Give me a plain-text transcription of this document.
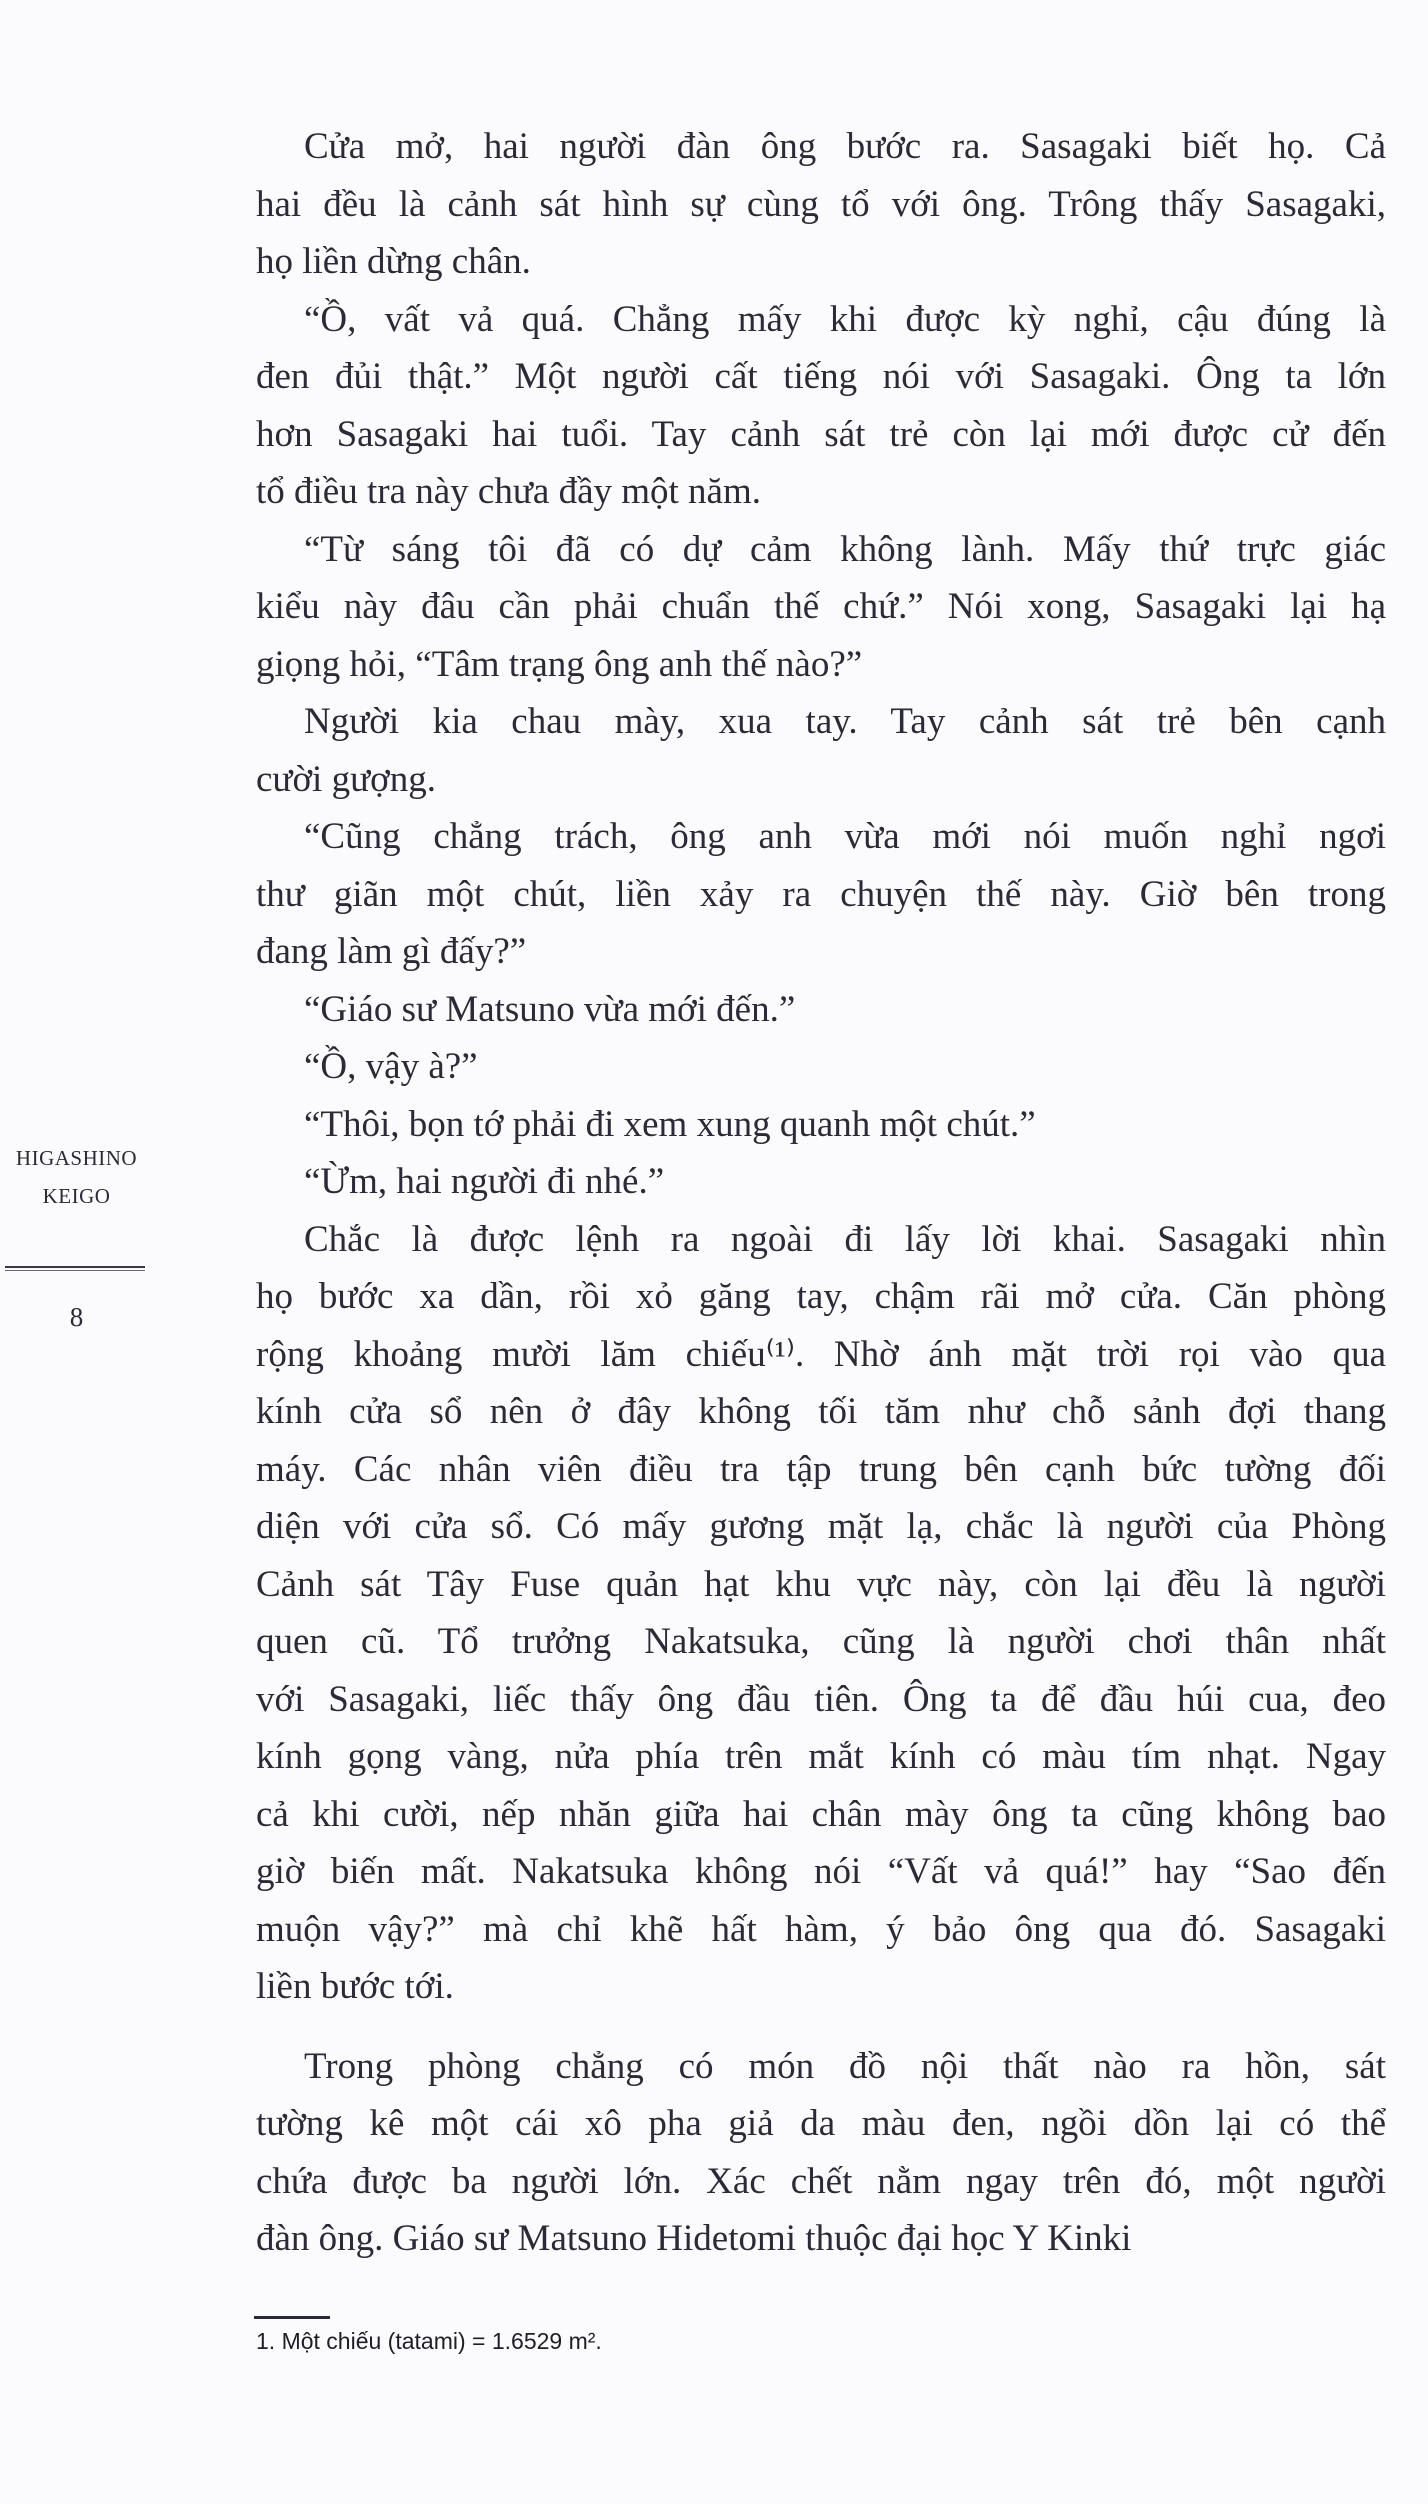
HIGASHINO
KEIGO
8
Cửa mở, hai người đàn ông bước ra. Sasagaki biết họ. Cả
hai đều là cảnh sát hình sự cùng tổ với ông. Trông thấy Sasagaki,
họ liền dừng chân.
“Ồ, vất vả quá. Chẳng mấy khi được kỳ nghỉ, cậu đúng là
đen đủi thật.” Một người cất tiếng nói với Sasagaki. Ông ta lớn
hơn Sasagaki hai tuổi. Tay cảnh sát trẻ còn lại mới được cử đến
tổ điều tra này chưa đầy một năm.
“Từ sáng tôi đã có dự cảm không lành. Mấy thứ trực giác
kiểu này đâu cần phải chuẩn thế chứ.” Nói xong, Sasagaki lại hạ
giọng hỏi, “Tâm trạng ông anh thế nào?”
Người kia chau mày, xua tay. Tay cảnh sát trẻ bên cạnh
cười gượng.
“Cũng chẳng trách, ông anh vừa mới nói muốn nghỉ ngơi
thư giãn một chút, liền xảy ra chuyện thế này. Giờ bên trong
đang làm gì đấy?”
“Giáo sư Matsuno vừa mới đến.”
“Ồ, vậy à?”
“Thôi, bọn tớ phải đi xem xung quanh một chút.”
“Ừm, hai người đi nhé.”
Chắc là được lệnh ra ngoài đi lấy lời khai. Sasagaki nhìn
họ bước xa dần, rồi xỏ găng tay, chậm rãi mở cửa. Căn phòng
rộng khoảng mười lăm chiếu⁽¹⁾. Nhờ ánh mặt trời rọi vào qua
kính cửa sổ nên ở đây không tối tăm như chỗ sảnh đợi thang
máy. Các nhân viên điều tra tập trung bên cạnh bức tường đối
diện với cửa sổ. Có mấy gương mặt lạ, chắc là người của Phòng
Cảnh sát Tây Fuse quản hạt khu vực này, còn lại đều là người
quen cũ. Tổ trưởng Nakatsuka, cũng là người chơi thân nhất
với Sasagaki, liếc thấy ông đầu tiên. Ông ta để đầu húi cua, đeo
kính gọng vàng, nửa phía trên mắt kính có màu tím nhạt. Ngay
cả khi cười, nếp nhăn giữa hai chân mày ông ta cũng không bao
giờ biến mất. Nakatsuka không nói “Vất vả quá!” hay “Sao đến
muộn vậy?” mà chỉ khẽ hất hàm, ý bảo ông qua đó. Sasagaki
liền bước tới.
Trong phòng chẳng có món đồ nội thất nào ra hồn, sát
tường kê một cái xô pha giả da màu đen, ngồi dồn lại có thể
chứa được ba người lớn. Xác chết nằm ngay trên đó, một người
đàn ông. Giáo sư Matsuno Hidetomi thuộc đại học Y Kinki
1. Một chiếu (tatami) = 1.6529 m².
